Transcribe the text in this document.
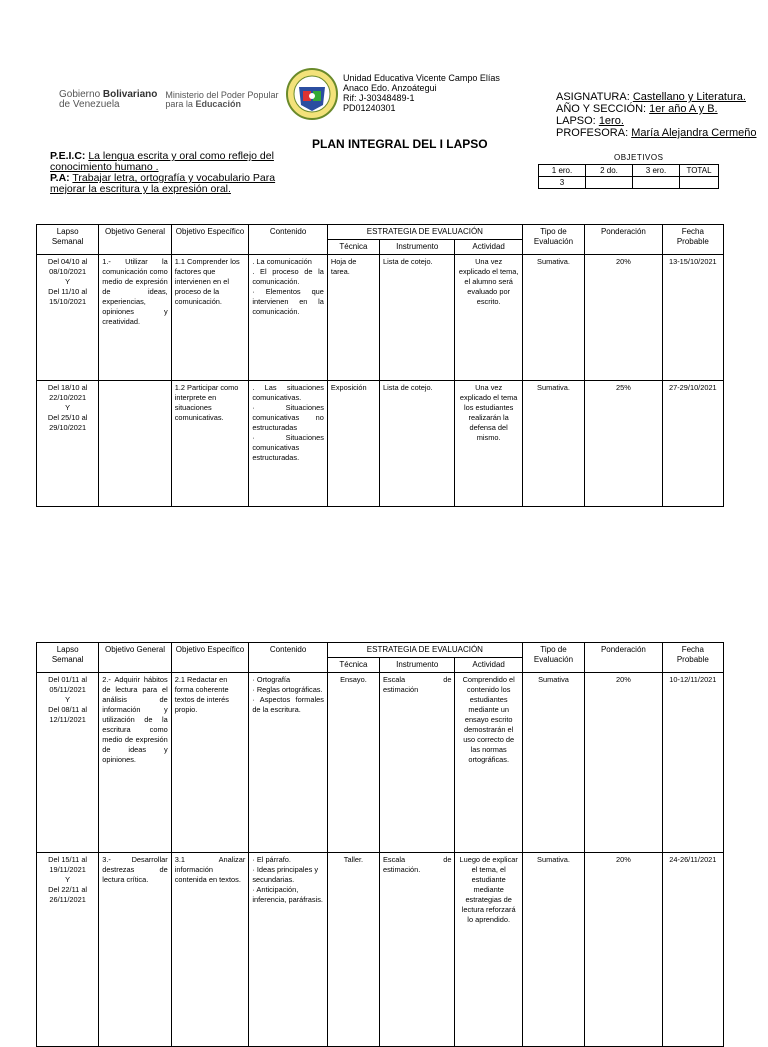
Gobierno Bolivariano
de Venezuela
Ministerio del Poder Popular
para la Educación
Unidad Educativa Vicente Campo Elías
Anaco Edo. Anzoátegui
Rif: J-30348489-1
PD01240301
ASIGNATURA: Castellano y Literatura.
AÑO Y SECCIÓN: 1er año A y B.
LAPSO: 1ero.
PROFESORA: María Alejandra Cermeño
PLAN INTEGRAL DEL I LAPSO
P.E.I.C: La lengua escrita y oral como reflejo del conocimiento humano .
P.A: Trabajar letra, ortografía y vocabulario Para mejorar la escritura y la expresión oral.
OBJETIVOS
1 ero.	2 do.	3 ero.	TOTAL
3			
Lapso Semanal	Objetivo General	Objetivo Específico	Contenido	ESTRATEGIA DE EVALUACIÓN			Tipo de Evaluación	Ponderación	Fecha Probable
				Técnica	Instrumento	Actividad			
Del 04/10 al 08/10/2021
Y
Del 11/10 al 15/10/2021	1.- Utilizar la comunicación como medio de expresión de ideas, experiencias, opiniones y creatividad.	1.1 Comprender los factores que intervienen en el proceso de la comunicación.	. La comunicación
. El proceso de la comunicación.
· Elementos que intervienen en la comunicación.	Hoja de tarea.	Lista de cotejo.	Una vez explicado el tema, el alumno será evaluado por escrito.	Sumativa.	20%	13-15/10/2021
Del 18/10 al 22/10/2021
Y
Del 25/10 al 29/10/2021		1.2 Participar como interprete en situaciones comunicativas.	. Las situaciones comunicativas.
· Situaciones comunicativas no estructuradas
· Situaciones comunicativas estructuradas.	Exposición	Lista de cotejo.	Una vez explicado el tema los estudiantes realizarán la defensa del mismo.	Sumativa.	25%	27-29/10/2021
Lapso Semanal	Objetivo General	Objetivo Específico	Contenido	ESTRATEGIA DE EVALUACIÓN			Tipo de Evaluación	Ponderación	Fecha Probable
				Técnica	Instrumento	Actividad			
Del 01/11 al 05/11/2021
Y
Del 08/11 al 12/11/2021	2.- Adquirir hábitos de lectura para el análisis de información y utilización de la escritura como medio de expresión de ideas y opiniones.	2.1 Redactar en forma coherente textos de interés propio.	· Ortografía
· Reglas ortográficas.
· Aspectos formales de la escritura.	Ensayo.	Escala de estimación	Comprendido el contenido los estudiantes mediante un ensayo escrito demostrarán el uso correcto de las normas ortográficas.	Sumativa	20%	10-12/11/2021
Del 15/11 al 19/11/2021
Y
Del 22/11 al 26/11/2021	3.- Desarrollar destrezas de lectura crítica.	3.1 Analizar información contenida en textos.	· El párrafo.
· Ideas principales y secundarias.
· Anticipación, inferencia, paráfrasis.	Taller.	Escala de estimación.	Luego de explicar el tema, el estudiante mediante estrategias de lectura reforzará lo aprendido.	Sumativa.	20%	24-26/11/2021
